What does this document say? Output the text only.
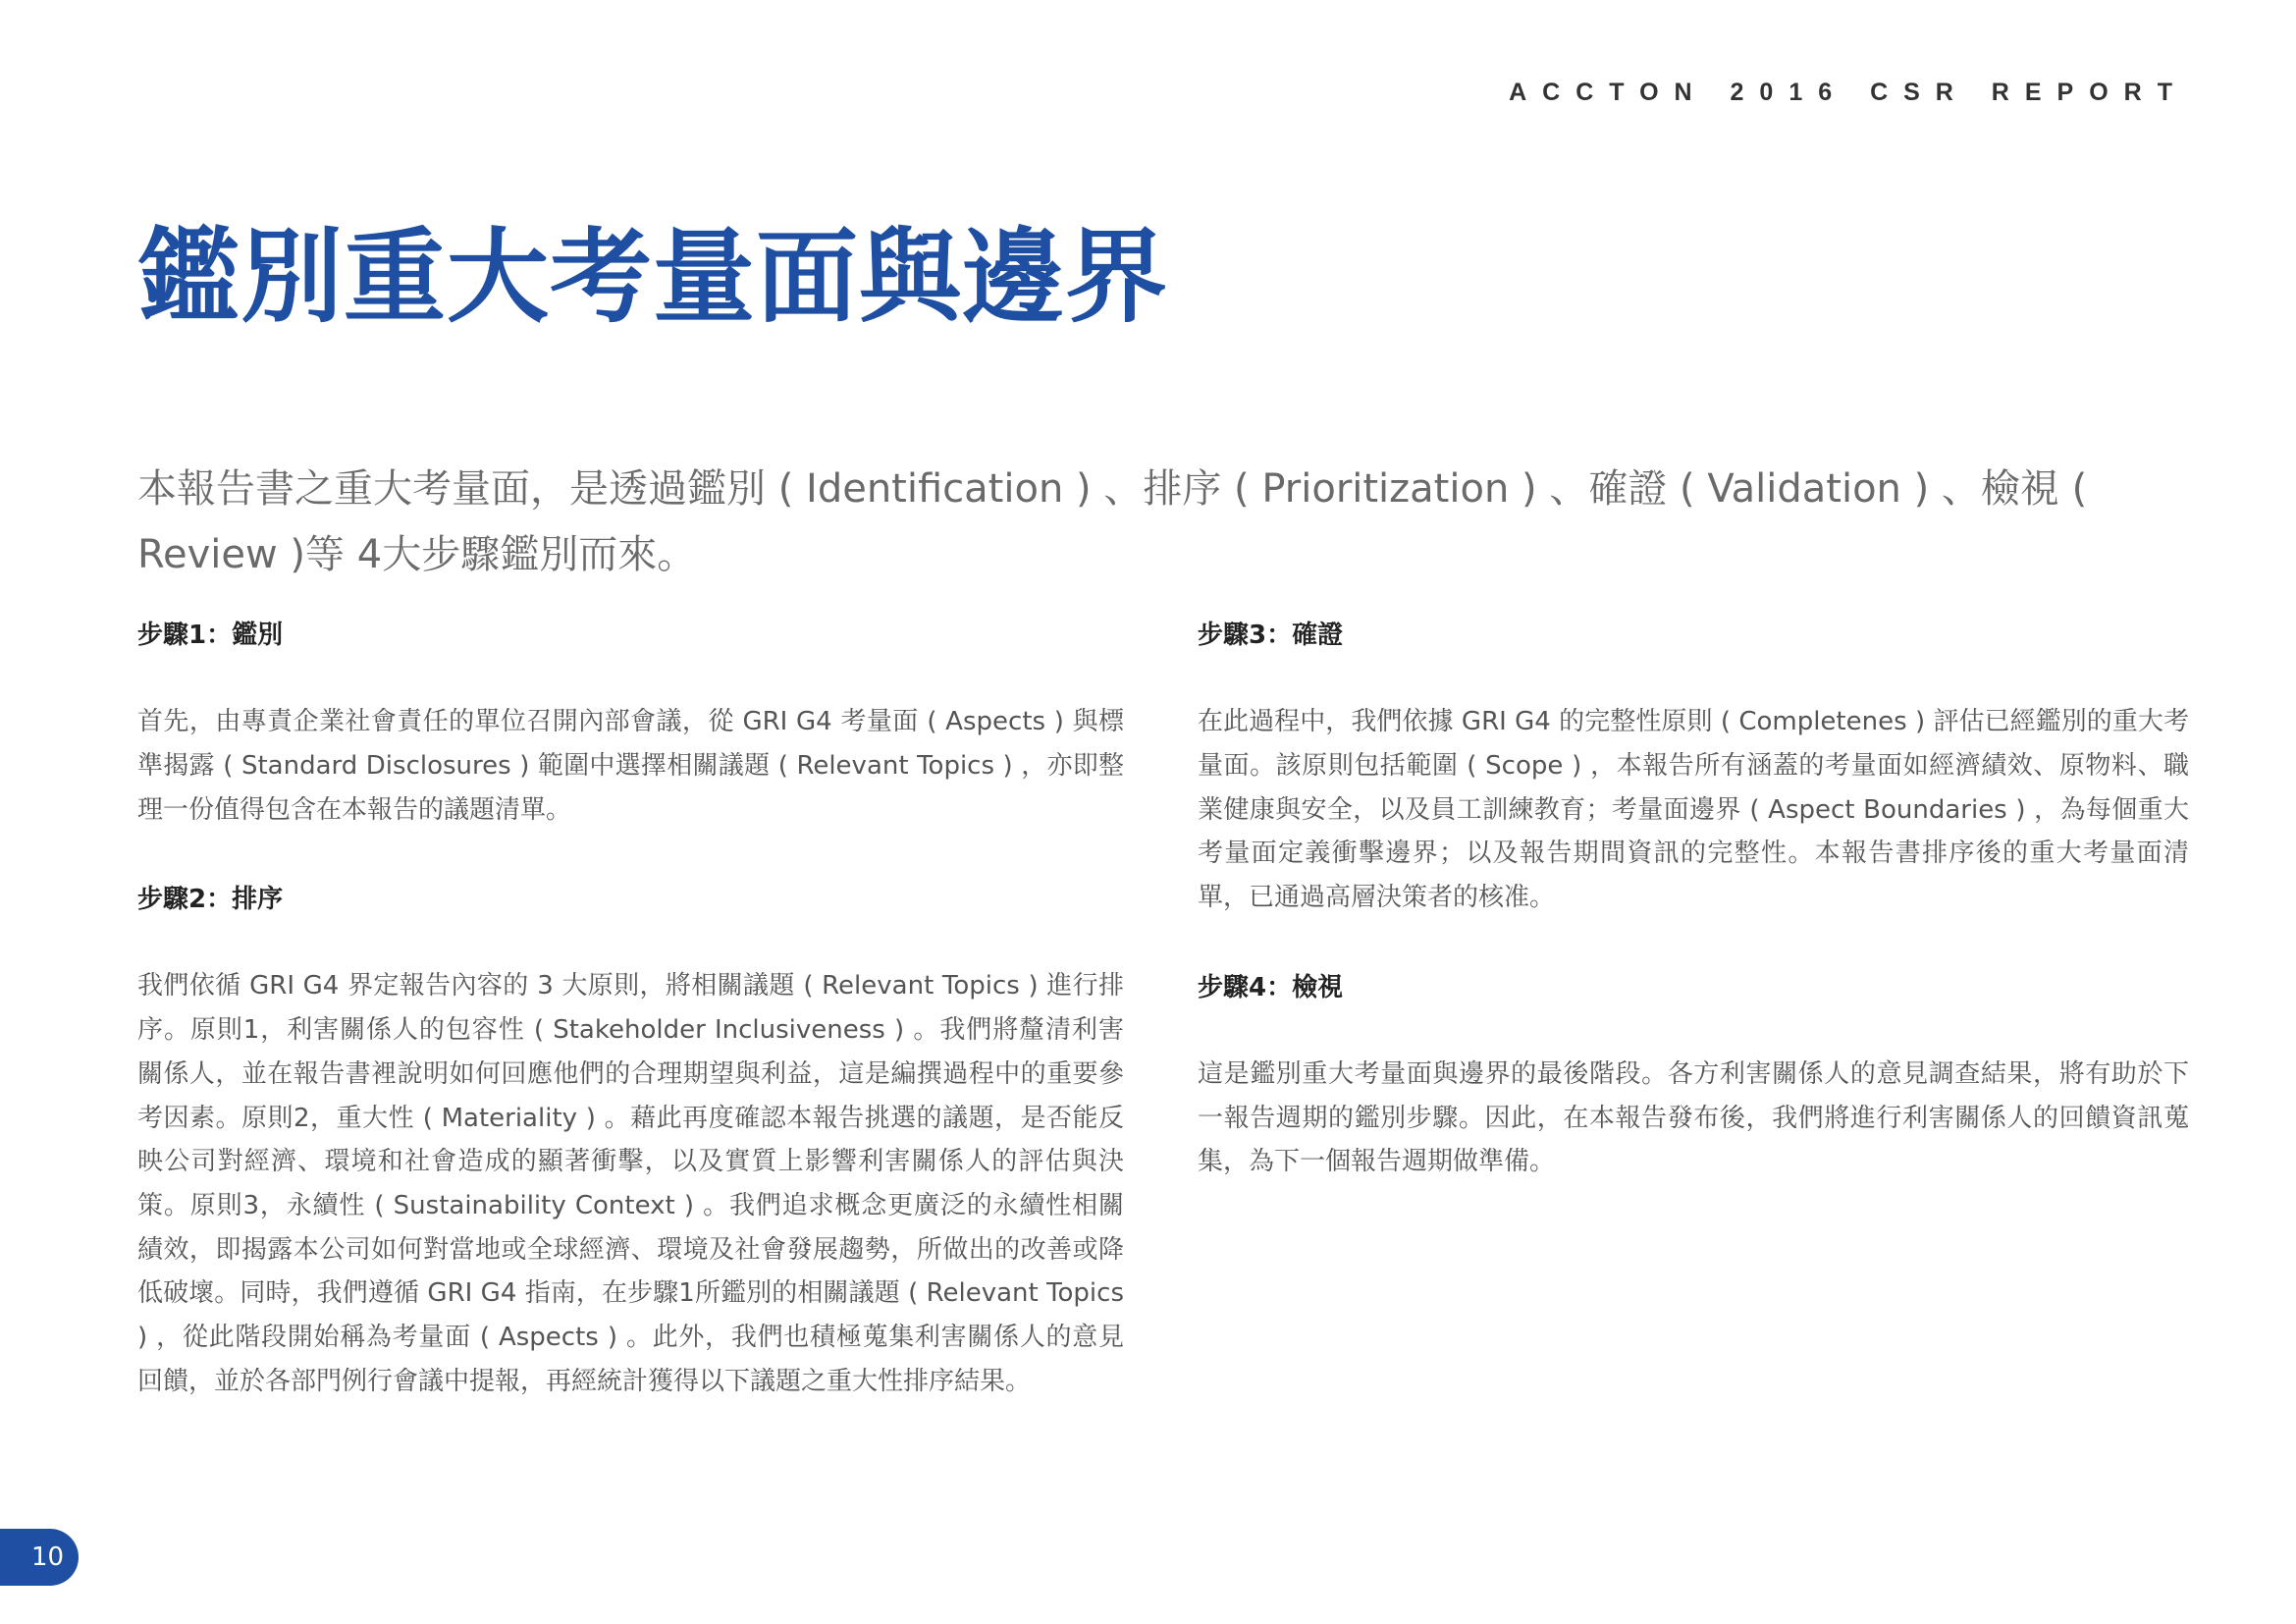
ACCTON 2016 CSR REPORT
鑑別重大考量面與邊界

本報告書之重大考量面，是透過鑑別 ( Identification ) 、排序 ( Prioritization ) 、確證 ( Validation ) 、檢視 ( Review )等 4大步驟鑑別而來。

步驟1：鑑別

首先，由專責企業社會責任的單位召開內部會議，從 GRI G4 考量面 ( Aspects ) 與標準揭露 ( Standard Disclosures ) 範圍中選擇相關議題 ( Relevant Topics ) ，亦即整理一份值得包含在本報告的議題清單。

步驟2：排序

我們依循 GRI G4 界定報告內容的 3 大原則，將相關議題 ( Relevant Topics ) 進行排序。原則1，利害關係人的包容性 ( Stakeholder Inclusiveness ) 。我們將釐清利害關係人，並在報告書裡說明如何回應他們的合理期望與利益，這是編撰過程中的重要參考因素。原則2，重大性 ( Materiality ) 。藉此再度確認本報告挑選的議題，是否能反映公司對經濟、環境和社會造成的顯著衝擊，以及實質上影響利害關係人的評估與決策。原則3，永續性 ( Sustainability Context ) 。我們追求概念更廣泛的永續性相關績效，即揭露本公司如何對當地或全球經濟、環境及社會發展趨勢，所做出的改善或降低破壞。同時，我們遵循 GRI G4 指南，在步驟1所鑑別的相關議題 ( Relevant Topics ) ，從此階段開始稱為考量面 ( Aspects ) 。此外，我們也積極蒐集利害關係人的意見回饋，並於各部門例行會議中提報，再經統計獲得以下議題之重大性排序結果。

步驟3：確證

在此過程中，我們依據 GRI G4 的完整性原則 ( Completenes ) 評估已經鑑別的重大考量面。該原則包括範圍 ( Scope ) ，本報告所有涵蓋的考量面如經濟績效、原物料、職業健康與安全，以及員工訓練教育；考量面邊界 ( Aspect Boundaries ) ，為每個重大考量面定義衝擊邊界；以及報告期間資訊的完整性。本報告書排序後的重大考量面清單，已通過高層決策者的核准。

步驟4：檢視

這是鑑別重大考量面與邊界的最後階段。各方利害關係人的意見調查結果，將有助於下一報告週期的鑑別步驟。因此，在本報告發布後，我們將進行利害關係人的回饋資訊蒐集，為下一個報告週期做準備。

10
